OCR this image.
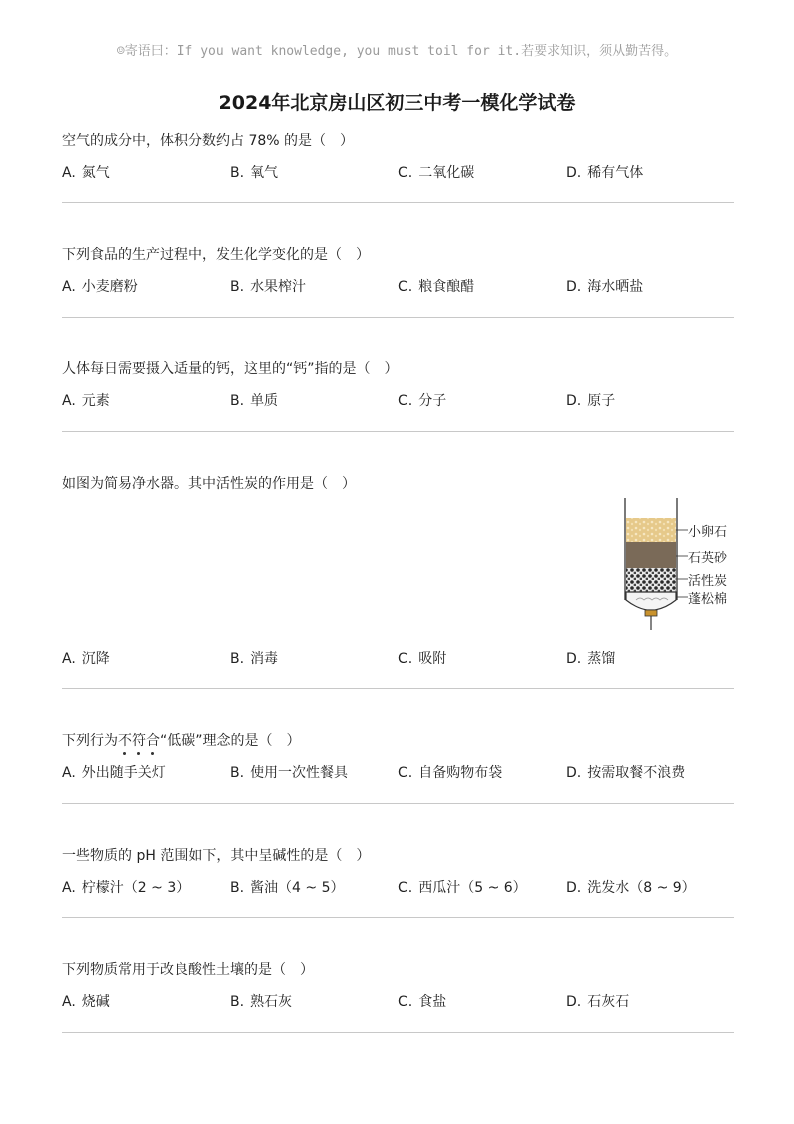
☺寄语曰：If you want knowledge, you must toil for it.若要求知识，须从勤苦得。
2024年北京房山区初三中考一模化学试卷
空气的成分中，体积分数约占 78% 的是（　）
A. 氮气	B. 氧气	C. 二氧化碳	D. 稀有气体
下列食品的生产过程中，发生化学变化的是（　）
A. 小麦磨粉	B. 水果榨汁	C. 粮食酿醋	D. 海水晒盐
人体每日需要摄入适量的钙，这里的“钙”指的是（　）
A. 元素	B. 单质	C. 分子	D. 原子
如图为简易净水器。其中活性炭的作用是（　）
A. 沉降	B. 消毒	C. 吸附	D. 蒸馏
小卵石
石英砂
活性炭
蓬松棉
下列行为不符合
“低碳”理念的是（　）
A. 外出随手关灯	B. 使用一次性餐具	C. 自备购物布袋	D. 按需取餐不浪费
一些物质的 pH 范围如下，其中呈碱性的是（　）
A. 柠檬汁（2 ~ 3）	B. 酱油（4 ~ 5）	C. 西瓜汁（5 ~ 6）	D. 洗发水（8 ~ 9）
下列物质常用于改良酸性土壤的是（　）
A. 烧碱	B. 熟石灰	C. 食盐	D. 石灰石
